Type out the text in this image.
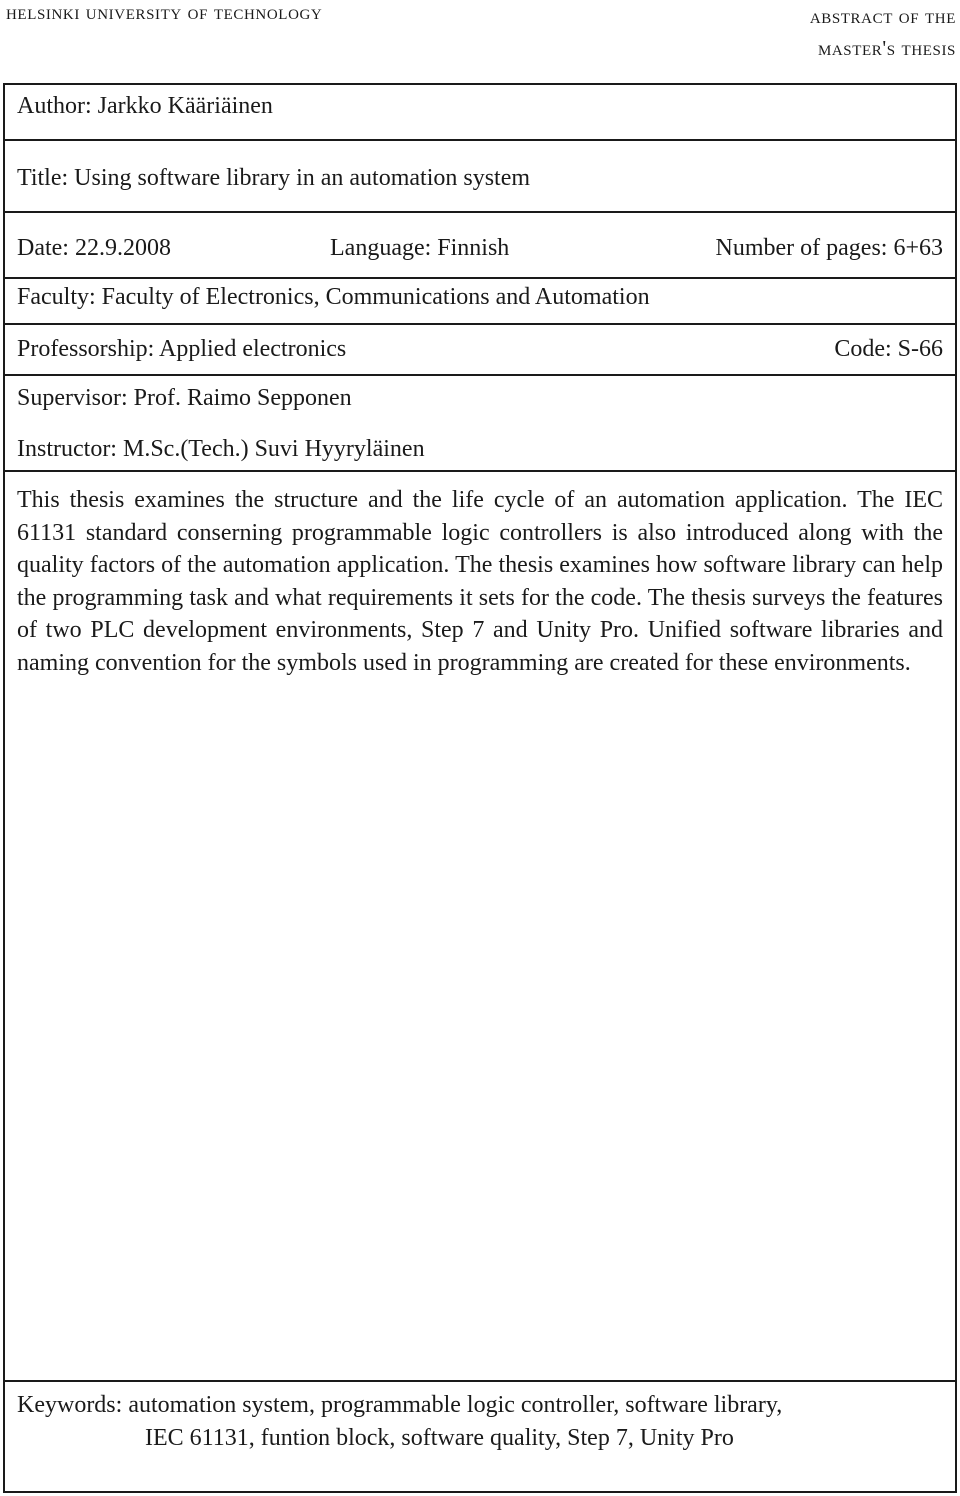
helsinki university of technology	abstract of the
master's thesis
Author: Jarkko Kääriäinen
Title: Using software library in an automation system
Date: 22.9.2008	Language: Finnish	Number of pages: 6+63
Faculty: Faculty of Electronics, Communications and Automation
Professorship: Applied electronics	Code: S-66
Supervisor: Prof. Raimo Sepponen
Instructor: M.Sc.(Tech.) Suvi Hyyryläinen
This thesis examines the structure and the life cycle of an automation application. The IEC 61131 standard conserning programmable logic controllers is also introduced along with the quality factors of the automation application. The thesis examines how software library can help the programming task and what requirements it sets for the code. The thesis surveys the features of two PLC development environments, Step 7 and Unity Pro. Unified software libraries and naming convention for the symbols used in programming are created for these environments.
Keywords: automation system, programmable logic controller, software library,
IEC 61131, funtion block, software quality, Step 7, Unity Pro
